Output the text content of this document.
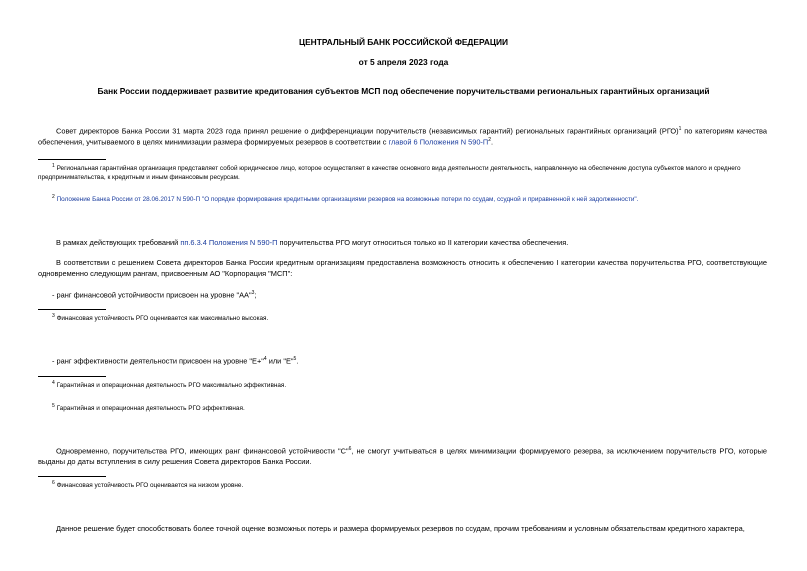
ЦЕНТРАЛЬНЫЙ БАНК РОССИЙСКОЙ ФЕДЕРАЦИИ
от 5 апреля 2023 года
Банк России поддерживает развитие кредитования субъектов МСП под обеспечение поручительствами региональных гарантийных организаций
Совет директоров Банка России 31 марта 2023 года принял решение о дифференциации поручительств (независимых гарантий) региональных гарантийных организаций (РГО)$^1$ по категориям качества обеспечения, учитываемого в целях минимизации размера формируемых резервов в соответствии с главой 6 Положения N $590-П^2$.
$^1$ Региональная гарантийная организация представляет собой юридическое лицо, которое осуществляет в качестве основного вида деятельности деятельность, направленную на обеспечение доступа субъектов малого и среднего предпринимательства, к кредитным и иным финансовым ресурсам.
$^2$ Положение Банка России от 28.06.2017 N 590-П "О порядке формирования кредитными организациями резервов на возможные потери по ссудам, ссудной и приравненной к ней задолженности".
В рамках действующих требований пп.6.3.4 Положения N 590-П поручительства РГО могут относиться только ко II категории качества обеспечения.
В соответствии с решением Совета директоров Банка России кредитным организациям предоставлена возможность относить к обеспечению I категории качества поручительства РГО, соответствующие одновременно следующим рангам, присвоенным АО "Корпорация "МСП":
- ранг финансовой устойчивости присвоен на уровне "АА"$^3$;
$^3$ Финансовая устойчивость РГО оценивается как максимально высокая.
- ранг эффективности деятельности присвоен на уровне "Е+"$^4$ или "Е"$^5$.
$^4$ Гарантийная и операционная деятельность РГО максимально эффективная.
$^5$ Гарантийная и операционная деятельность РГО эффективная.
Одновременно, поручительства РГО, имеющих ранг финансовой устойчивости "С"$^6$, не смогут учитываться в целях минимизации формируемого резерва, за исключением поручительств РГО, которые выданы до даты вступления в силу решения Совета директоров Банка России.
$^6$ Финансовая устойчивость РГО оценивается на низком уровне.
Данное решение будет способствовать более точной оценке возможных потерь и размера формируемых резервов по ссудам, прочим требованиям и условным обязательствам кредитного характера,
